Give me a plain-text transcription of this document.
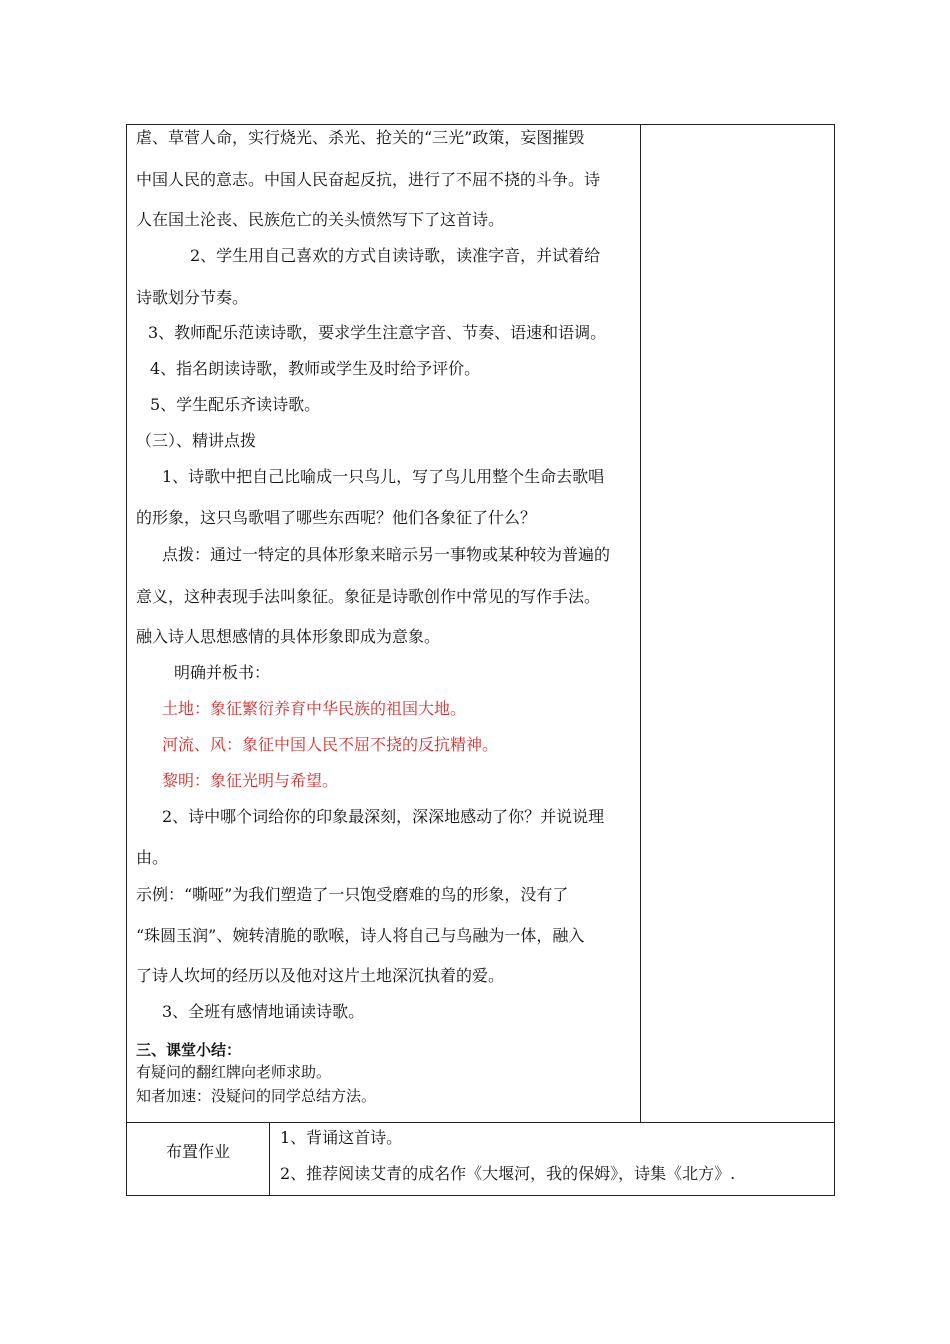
虐、草菅人命，实行烧光、杀光、抢关的“三光”政策，妄图摧毁
中国人民的意志。中国人民奋起反抗，进行了不屈不挠的斗争。诗
人在国土沦丧、民族危亡的关头愤然写下了这首诗。
2、学生用自己喜欢的方式自读诗歌，读准字音，并试着给
诗歌划分节奏。
3、教师配乐范读诗歌，要求学生注意字音、节奏、语速和语调。
4、指名朗读诗歌，教师或学生及时给予评价。
5、学生配乐齐读诗歌。
（三）、精讲点拨
1、诗歌中把自己比喻成一只鸟儿，写了鸟儿用整个生命去歌唱
的形象，这只鸟歌唱了哪些东西呢？他们各象征了什么？
点拨：通过一特定的具体形象来暗示另一事物或某种较为普遍的
意义，这种表现手法叫象征。象征是诗歌创作中常见的写作手法。
融入诗人思想感情的具体形象即成为意象。
明确并板书：
土地：象征繁衍养育中华民族的祖国大地。
河流、风：象征中国人民不屈不挠的反抗精神。
黎明：象征光明与希望。
2、诗中哪个词给你的印象最深刻，深深地感动了你？并说说理
由。
示例：“嘶哑”为我们塑造了一只饱受磨难的鸟的形象，没有了
“珠圆玉润”、婉转清脆的歌喉，诗人将自己与鸟融为一体，融入
了诗人坎坷的经历以及他对这片土地深沉执着的爱。
3、全班有感情地诵读诗歌。
三、课堂小结：
有疑问的翻红牌向老师求助。
知者加速：没疑问的同学总结方法。
布置作业
1、背诵这首诗。
2、推荐阅读艾青的成名作《大堰河，我的保姆》，诗集《北方》.
